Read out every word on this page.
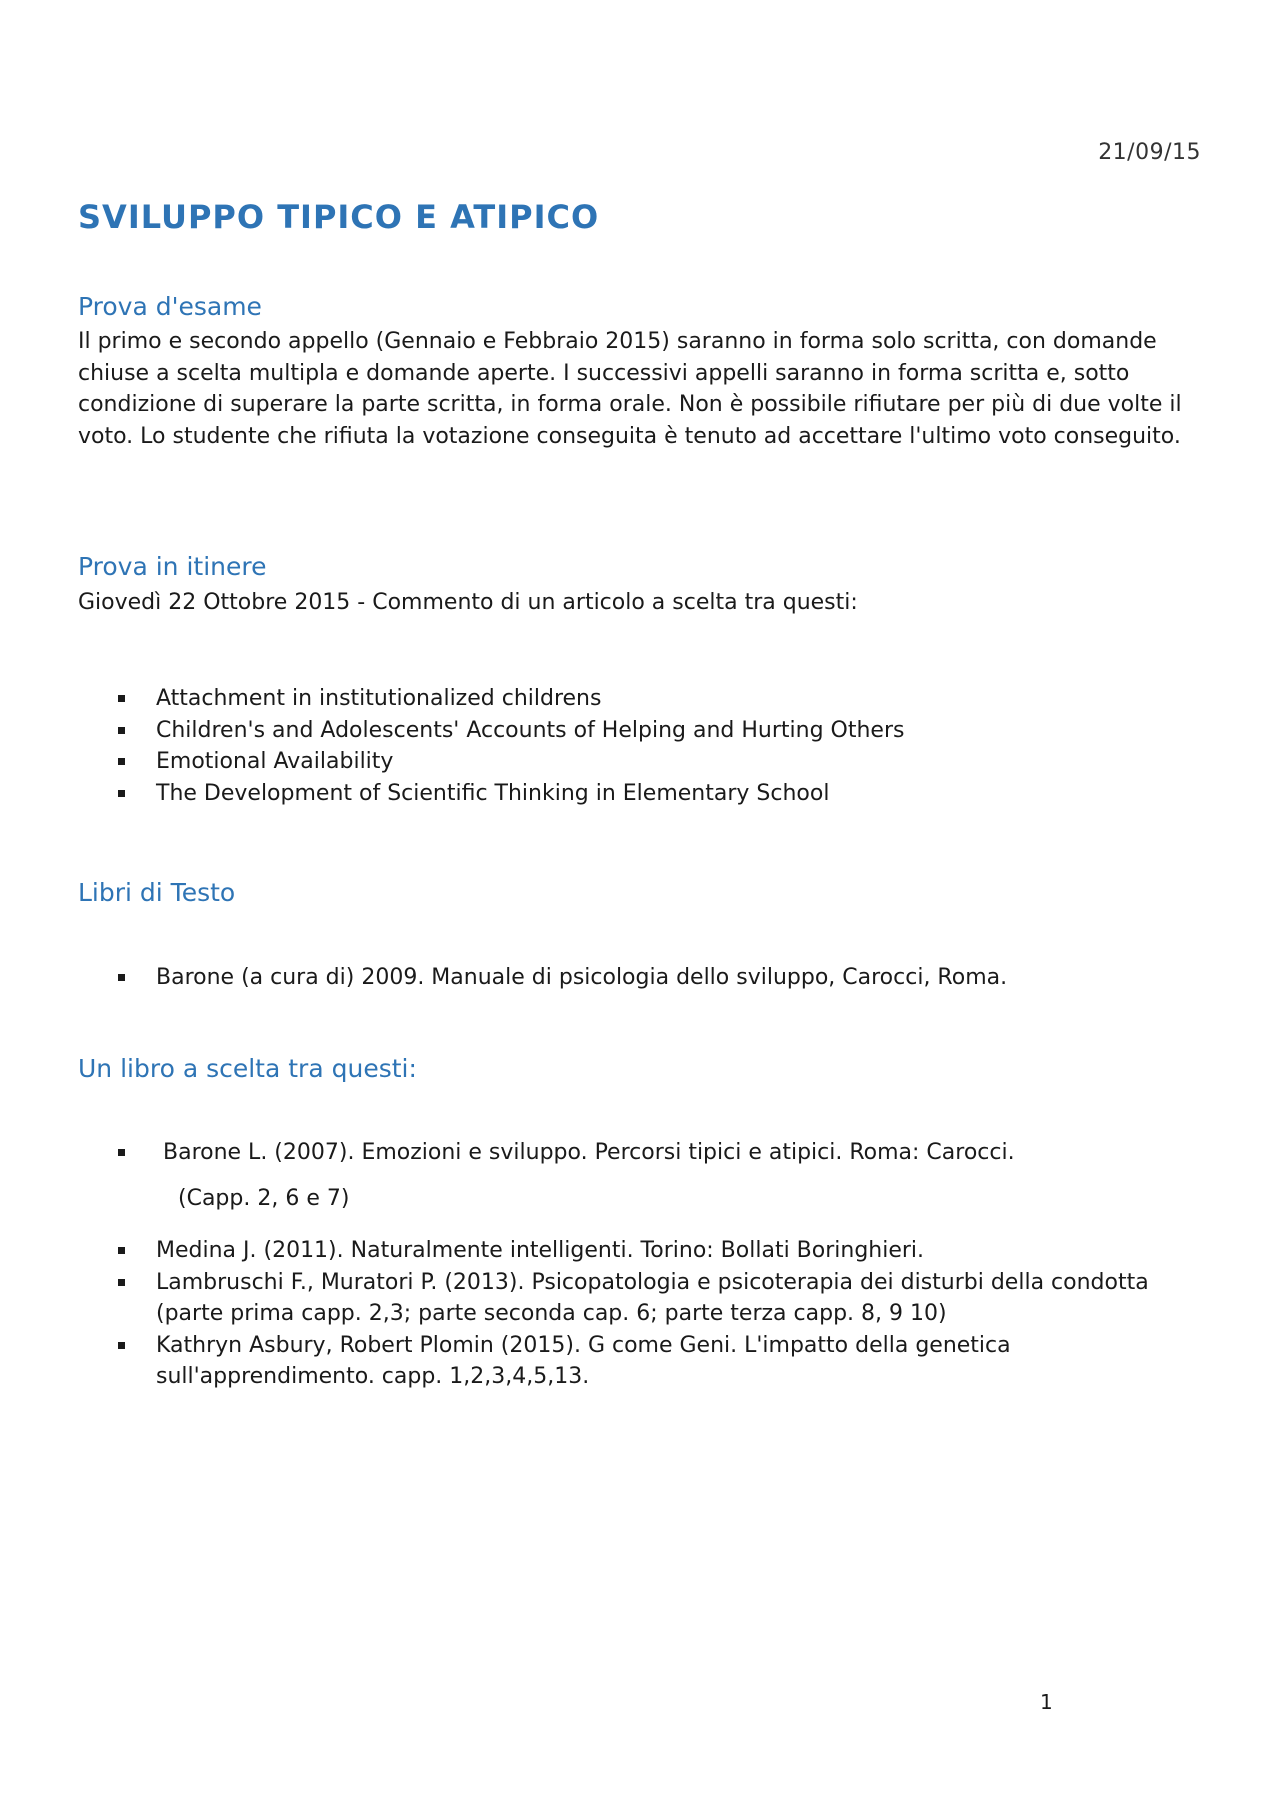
21/09/15
SVILUPPO TIPICO E ATIPICO
Prova d'esame

Il primo e secondo appello (Gennaio e Febbraio 2015) saranno in forma solo scritta, con domande chiuse a scelta multipla e domande aperte. I successivi appelli saranno in forma scritta e, sotto condizione di superare la parte scritta, in forma orale. Non è possibile rifiutare per più di due volte il voto. Lo studente che rifiuta la votazione conseguita è tenuto ad accettare l'ultimo voto conseguito.

Prova in itinere

Giovedì 22 Ottobre 2015 - Commento di un articolo a scelta tra questi:

Attachment in institutionalized childrens
Children's and Adolescents' Accounts of Helping and Hurting Others
Emotional Availability
The Development of Scientific Thinking in Elementary School
Libri di Testo
Barone (a cura di) 2009. Manuale di psicologia dello sviluppo, Carocci, Roma.
Un libro a scelta tra questi:
Barone L. (2007). Emozioni e sviluppo. Percorsi tipici e atipici. Roma: Carocci.
(Capp. 2, 6 e 7)
Medina J. (2011). Naturalmente intelligenti. Torino: Bollati Boringhieri.
Lambruschi F., Muratori P. (2013). Psicopatologia e psicoterapia dei disturbi della condotta (parte prima capp. 2,3; parte seconda cap. 6; parte terza capp. 8, 9 10)
Kathryn Asbury, Robert Plomin (2015). G come Geni. L'impatto della genetica sull'apprendimento. capp. 1,2,3,4,5,13.
1
